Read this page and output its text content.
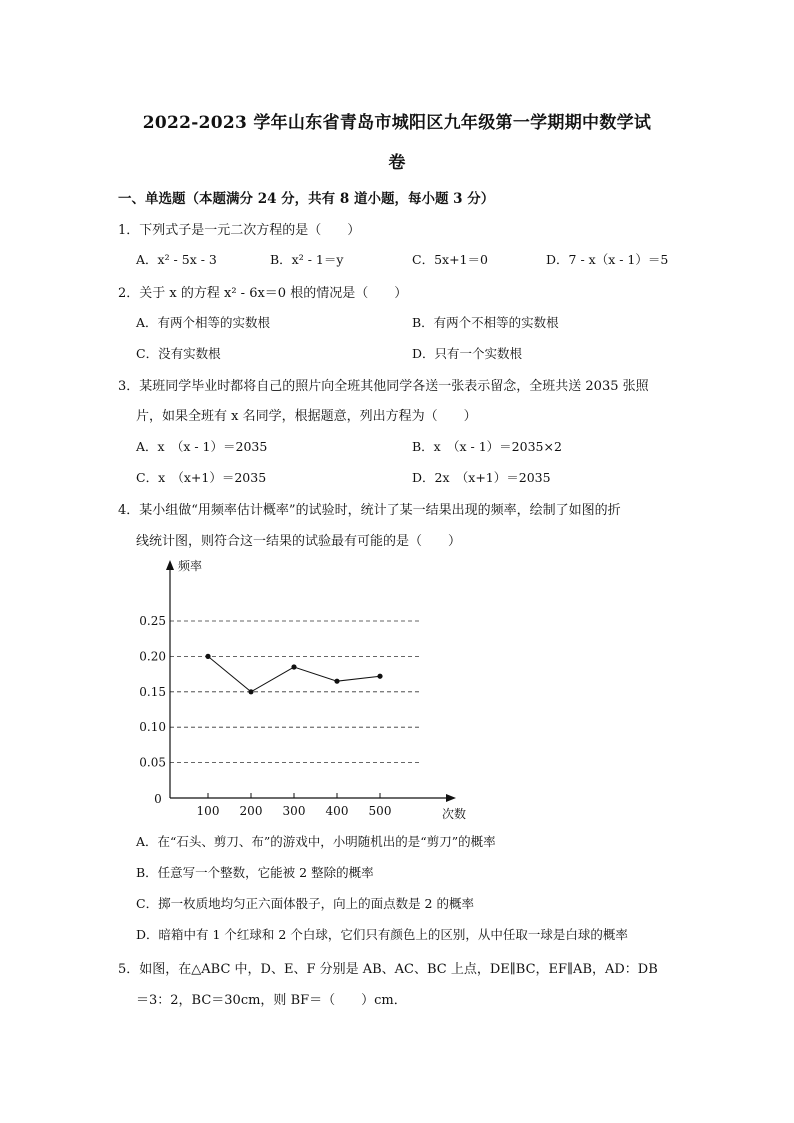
2022-2023 学年山东省青岛市城阳区九年级第一学期期中数学试
卷
一、单选题（本题满分 24 分，共有 8 道小题，每小题 3 分）
1．下列式子是一元二次方程的是（　　）
A．x² - 5x - 3	B．x² - 1＝y	C．5x+1＝0	D．7 - x（x - 1）＝5
2．关于 x 的方程 x² - 6x＝0 根的情况是（　　）
A．有两个相等的实数根	B．有两个不相等的实数根
C．没有实数根	D．只有一个实数根
3．某班同学毕业时都将自己的照片向全班其他同学各送一张表示留念，全班共送 2035 张照
片，如果全班有 x 名同学，根据题意，列出方程为（　　）
A．x　（x - 1）＝2035	B．x　（x - 1）＝2035×2
C．x　（x+1）＝2035	D．2x　（x+1）＝2035
4．某小组做“用频率估计概率”的试验时，统计了某一结果出现的频率，绘制了如图的折
线统计图，则符合这一结果的试验最有可能的是（　　）
0.05
0.10
0.15
0.20
0.25
100 200 300 400 500
0
频率
次数
A．在“石头、剪刀、布”的游戏中，小明随机出的是“剪刀”的概率
B．任意写一个整数，它能被 2 整除的概率
C．掷一枚质地均匀正六面体骰子，向上的面点数是 2 的概率
D．暗箱中有 1 个红球和 2 个白球，它们只有颜色上的区别，从中任取一球是白球的概率
5．如图，在△ABC 中，D、E、F 分别是 AB、AC、BC 上点，DE∥BC，EF∥AB，AD：DB
＝3：2，BC＝30cm，则 BF＝（　　）cm．
